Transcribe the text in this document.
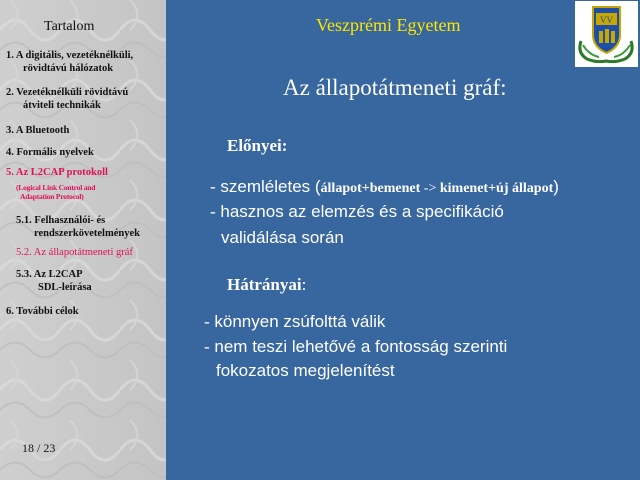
Tartalom
1. A digitális, vezetéknélküli,
rövidtávú hálózatok
2. Vezetéknélküli rövidtávú
átviteli technikák
3. A Bluetooth
4. Formális nyelvek
5. Az L2CAP protokoll
(Logical Link Control and
Adaptation Protocol)
5.1. Felhasználói- és
rendszerkövetelmények
5.2. Az állapotátmeneti gráf
5.3. Az L2CAP
SDL-leírása
6. További célok
18 / 23
Veszprémi Egyetem	VV
Az állapotátmeneti gráf:
Előnyei:
- szemléletes (állapot+bemenet -> kimenet+új állapot)
- hasznos az elemzés és a specifikáció
validálása során
Hátrányai:
- könnyen zsúfolttá válik
- nem teszi lehetővé a fontosság szerinti
fokozatos megjelenítést
